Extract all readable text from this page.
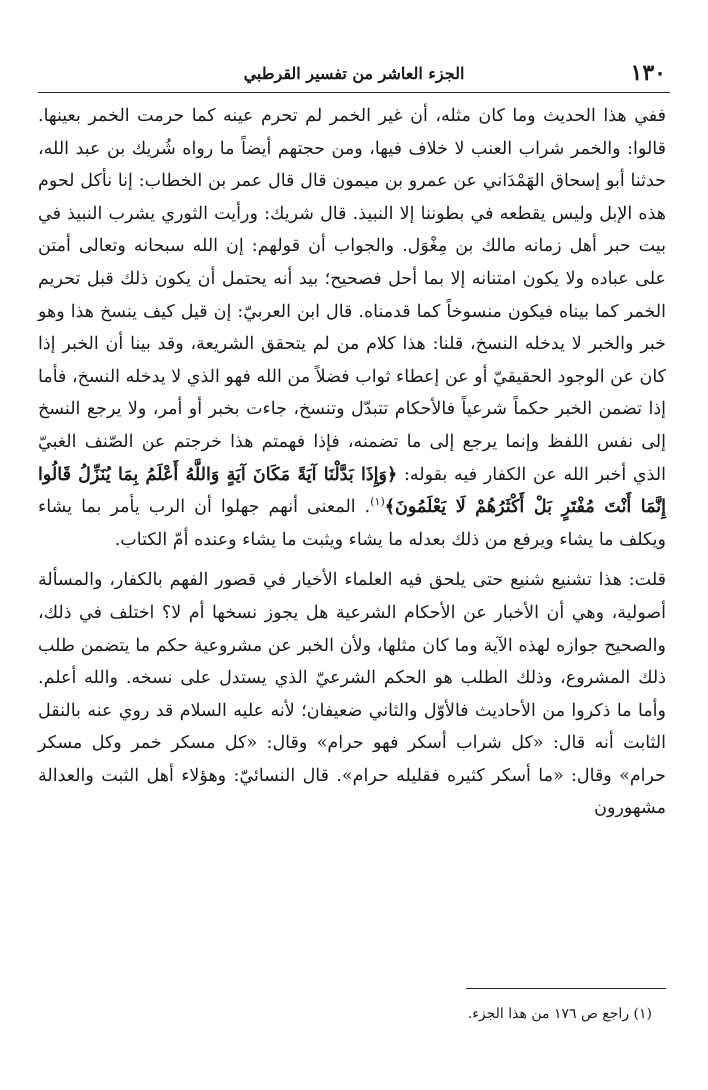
١٣٠
الجزء العاشر من تفسير القرطبي

ففي هذا الحديث وما كان مثله، أن غير الخمر لم تحرم عينه كما حرمت الخمر بعينها. قالوا: والخمر شراب العنب لا خلاف فيها، ومن حجتهم أيضاً ما رواه شُريك بن عبد الله، حدثنا أبو إسحاق الهَمْدَاني عن عمرو بن ميمون قال قال عمر بن الخطاب: إنا نأكل لحوم هذه الإبل وليس يقطعه في بطوننا إلا النبيذ. قال شريك: ورأيت الثوري يشرب النبيذ في بيت حبر أهل زمانه مالك بن مِغْوَل. والجواب أن قولهم: إن الله سبحانه وتعالى أمتن على عباده ولا يكون امتنانه إلا بما أحل فصحيح؛ بيد أنه يحتمل أن يكون ذلك قبل تحريم الخمر كما بيناه فيكون منسوخاً كما قدمناه. قال ابن العربيّ: إن قيل كيف ينسخ هذا وهو خبر والخبر لا يدخله النسخ، قلنا: هذا كلام من لم يتحقق الشريعة، وقد بينا أن الخبر إذا كان عن الوجود الحقيقيّ أو عن إعطاء ثواب فضلاً من الله فهو الذي لا يدخله النسخ، فأما إذا تضمن الخبر حكماً شرعياً فالأحكام تتبدّل وتنسخ، جاءت بخبر أو أمر، ولا يرجع النسخ إلى نفس اللفظ وإنما يرجع إلى ما تضمنه، فإذا فهمتم هذا خرجتم عن الصّنف الغبيّ الذي أخبر الله عن الكفار فيه بقوله: ﴿وَإِذَا بَدَّلْنَا آيَةً مَكَانَ آيَةٍ وَاللَّهُ أَعْلَمُ بِمَا يُنَزِّلُ قَالُوا إِنَّمَا أَنْتَ مُفْتَرٍ بَلْ أَكْثَرُهُمْ لَا يَعْلَمُونَ﴾$^{(١)}$. المعنى أنهم جهلوا أن الرب يأمر بما يشاء ويكلف ما يشاء ويرفع من ذلك بعدله ما يشاء ويثبت ما يشاء وعنده أمّ الكتاب.

قلت: هذا تشنيع شنيع حتى يلحق فيه العلماء الأخيار في قصور الفهم بالكفار، والمسألة أصولية، وهي أن الأخبار عن الأحكام الشرعية هل يجوز نسخها أم لا؟ اختلف في ذلك، والصحيح جوازه لهذه الآية وما كان مثلها، ولأن الخبر عن مشروعية حكم ما يتضمن طلب ذلك المشروع، وذلك الطلب هو الحكم الشرعيّ الذي يستدل على نسخه. والله أعلم. وأما ما ذكروا من الأحاديث فالأوّل والثاني ضعيفان؛ لأنه عليه السلام قد روي عنه بالنقل الثابت أنه قال: «كل شراب أسكر فهو حرام» وقال: «كل مسكر خمر وكل مسكر حرام» وقال: «ما أسكر كثيره فقليله حرام». قال النسائيّ: وهؤلاء أهل الثبت والعدالة مشهورون

(١) راجع ص ١٧٦ من هذا الجزء.
